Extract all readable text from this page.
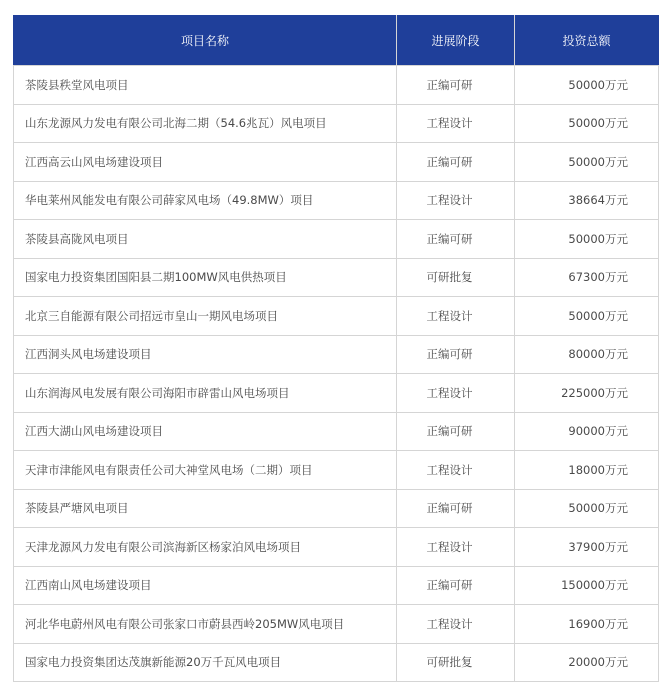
项目名称	进展阶段	投资总额
茶陵县秩堂风电项目	正编可研	50000万元
山东龙源风力发电有限公司北海二期（54.6兆瓦）风电项目	工程设计	50000万元
江西高云山风电场建设项目	正编可研	50000万元
华电莱州风能发电有限公司薛家风电场（49.8MW）项目	工程设计	38664万元
茶陵县高陇风电项目	正编可研	50000万元
国家电力投资集团国阳县二期100MW风电供热项目	可研批复	67300万元
北京三自能源有限公司招远市皇山一期风电场项目	工程设计	50000万元
江西洞头风电场建设项目	正编可研	80000万元
山东润海风电发展有限公司海阳市辟雷山风电场项目	工程设计	225000万元
江西大湖山风电场建设项目	正编可研	90000万元
天津市津能风电有限责任公司大神堂风电场（二期）项目	工程设计	18000万元
茶陵县严塘风电项目	正编可研	50000万元
天津龙源风力发电有限公司滨海新区杨家泊风电场项目	工程设计	37900万元
江西南山风电场建设项目	正编可研	150000万元
河北华电蔚州风电有限公司张家口市蔚县西岭205MW风电项目	工程设计	16900万元
国家电力投资集团达茂旗新能源20万千瓦风电项目	可研批复	20000万元
